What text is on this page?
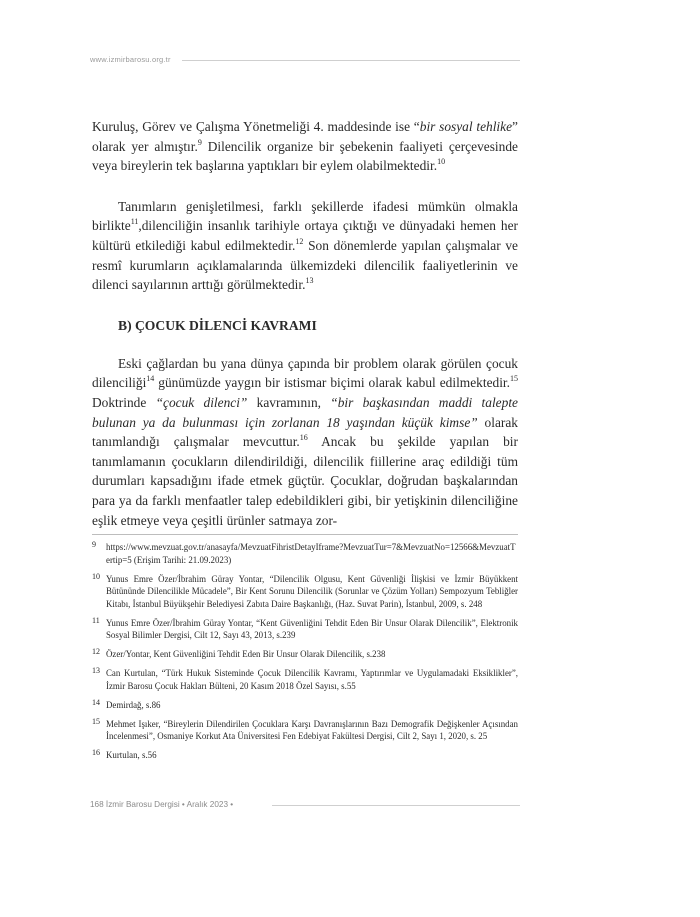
www.izmirbarosu.org.tr

Kuruluş, Görev ve Çalışma Yönetmeliği 4. maddesinde ise “bir sosyal tehlike” olarak yer almıştır.$^9$ Dilencilik organize bir şebekenin faaliyeti çerçevesinde veya bireylerin tek başlarına yaptıkları bir eylem olabilmektedir.$^{10}$

Tanımların genişletilmesi, farklı şekillerde ifadesi mümkün olmakla birlikte$^{11}$,dilenciliğin insanlık tarihiyle ortaya çıktığı ve dünyadaki hemen her kültürü etkilediği kabul edilmektedir.$^{12}$ Son dönemlerde yapılan çalışmalar ve resmî kurumların açıklamalarında ülkemizdeki dilencilik faaliyetlerinin ve dilenci sayılarının arttığı görülmektedir.$^{13}$

B) ÇOCUK DİLENCİ KAVRAMI

Eski çağlardan bu yana dünya çapında bir problem olarak görülen çocuk dilenciliği$^{14}$ günümüzde yaygın bir istismar biçimi olarak kabul edilmektedir.$^{15}$ Doktrinde “çocuk dilenci” kavramının, “bir başkasından maddi talepte bulunan ya da bulunması için zorlanan 18 yaşından küçük kimse” olarak tanımlandığı çalışmalar mevcuttur.$^{16}$ Ancak bu şekilde yapılan bir tanımlamanın çocukların dilendirildiği, dilencilik fiillerine araç edildiği tüm durumları kapsadığını ifade etmek güçtür. Çocuklar, doğrudan başkalarından para ya da farklı menfaatler talep edebildikleri gibi, bir yetişkinin dilenciliğine eşlik etmeye veya çeşitli ürünler satmaya zor-

9 https://www.mevzuat.gov.tr/anasayfa/MevzuatFihristDetayIframe?MevzuatTur=7&MevzuatNo=12566&MevzuatTertip=5 (Erişim Tarihi: 21.09.2023)
10 Yunus Emre Özer/İbrahim Güray Yontar, “Dilencilik Olgusu, Kent Güvenliği İlişkisi ve İzmir Büyükkent Bütününde Dilencilikle Mücadele”, Bir Kent Sorunu Dilencilik (Sorunlar ve Çözüm Yolları) Sempozyum Tebliğler Kitabı, İstanbul Büyükşehir Belediyesi Zabıta Daire Başkanlığı, (Haz. Suvat Parin), İstanbul, 2009, s. 248
11 Yunus Emre Özer/İbrahim Güray Yontar, “Kent Güvenliğini Tehdit Eden Bir Unsur Olarak Dilencilik”, Elektronik Sosyal Bilimler Dergisi, Cilt 12, Sayı 43, 2013, s.239
12 Özer/Yontar, Kent Güvenliğini Tehdit Eden Bir Unsur Olarak Dilencilik, s.238
13 Can Kurtulan, “Türk Hukuk Sisteminde Çocuk Dilencilik Kavramı, Yaptırımlar ve Uygulamadaki Eksiklikler”, İzmir Barosu Çocuk Hakları Bülteni, 20 Kasım 2018 Özel Sayısı, s.55
14 Demirdağ, s.86
15 Mehmet Işıker, “Bireylerin Dilendirilen Çocuklara Karşı Davranışlarının Bazı Demografik Değişkenler Açısından İncelenmesi”, Osmaniye Korkut Ata Üniversitesi Fen Edebiyat Fakültesi Dergisi, Cilt 2, Sayı 1, 2020, s. 25
16 Kurtulan, s.56
168 İzmir Barosu Dergisi • Aralık 2023 •
